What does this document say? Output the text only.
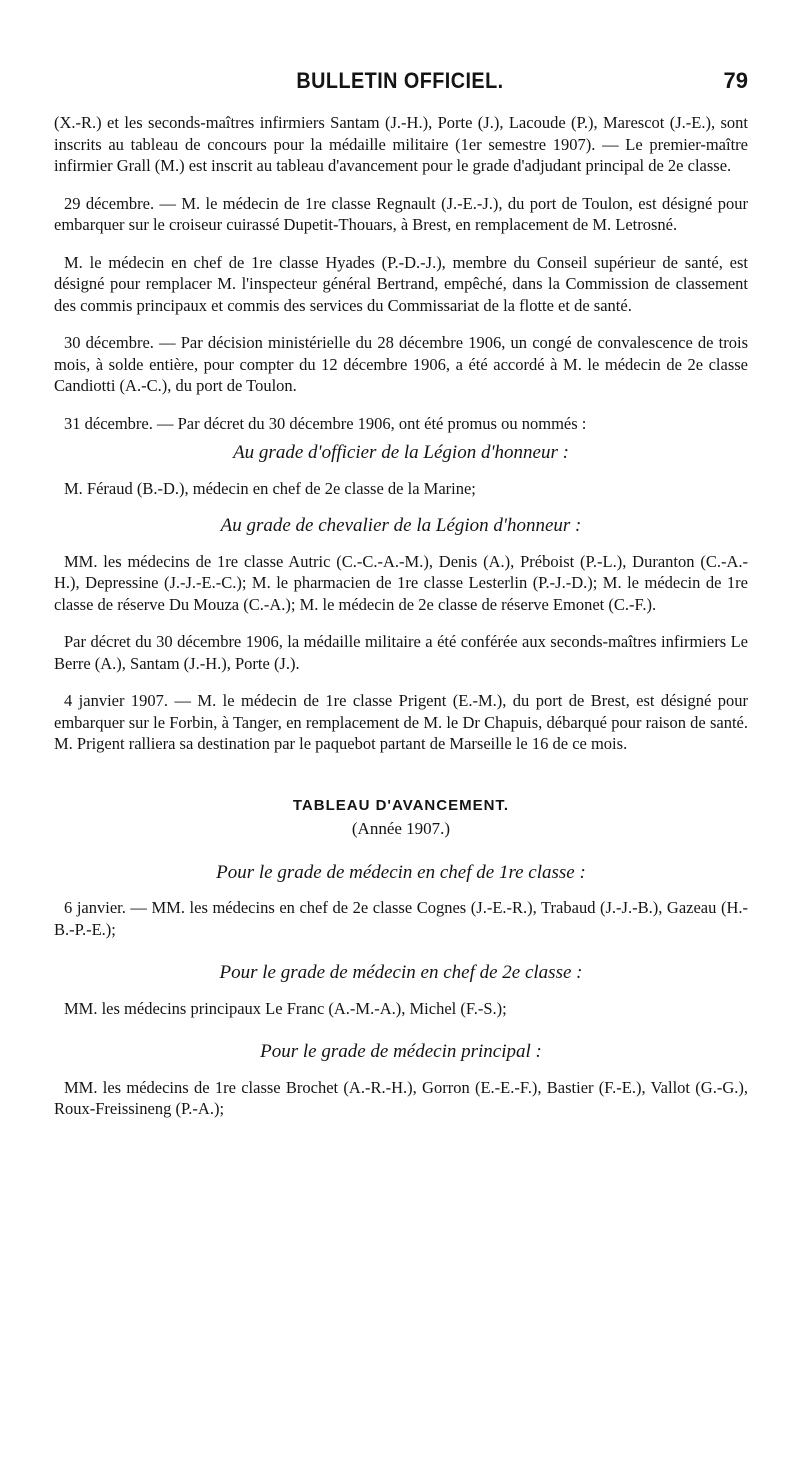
BULLETIN OFFICIEL.	79

(X.-R.) et les seconds-maîtres infirmiers Santam (J.-H.), Porte (J.), Lacoude (P.), Marescot (J.-E.), sont inscrits au tableau de concours pour la médaille militaire (1er semestre 1907). — Le premier-maître infirmier Grall (M.) est inscrit au tableau d'avancement pour le grade d'adjudant principal de 2e classe.

29 décembre. — M. le médecin de 1re classe Regnault (J.-E.-J.), du port de Toulon, est désigné pour embarquer sur le croiseur cuirassé Dupetit-Thouars, à Brest, en remplacement de M. Letrosné.

M. le médecin en chef de 1re classe Hyades (P.-D.-J.), membre du Conseil supérieur de santé, est désigné pour remplacer M. l'inspecteur général Bertrand, empêché, dans la Commission de classement des commis principaux et commis des services du Commissariat de la flotte et de santé.

30 décembre. — Par décision ministérielle du 28 décembre 1906, un congé de convalescence de trois mois, à solde entière, pour compter du 12 décembre 1906, a été accordé à M. le médecin de 2e classe Candiotti (A.-C.), du port de Toulon.

31 décembre. — Par décret du 30 décembre 1906, ont été promus ou nommés :

Au grade d'officier de la Légion d'honneur :

M. Féraud (B.-D.), médecin en chef de 2e classe de la Marine;

Au grade de chevalier de la Légion d'honneur :

MM. les médecins de 1re classe Autric (C.-C.-A.-M.), Denis (A.), Préboist (P.-L.), Duranton (C.-A.-H.), Depressine (J.-J.-E.-C.); M. le pharmacien de 1re classe Lesterlin (P.-J.-D.); M. le médecin de 1re classe de réserve Du Mouza (C.-A.); M. le médecin de 2e classe de réserve Emonet (C.-F.).

Par décret du 30 décembre 1906, la médaille militaire a été conférée aux seconds-maîtres infirmiers Le Berre (A.), Santam (J.-H.), Porte (J.).

4 janvier 1907. — M. le médecin de 1re classe Prigent (E.-M.), du port de Brest, est désigné pour embarquer sur le Forbin, à Tanger, en remplacement de M. le Dr Chapuis, débarqué pour raison de santé. M. Prigent ralliera sa destination par le paquebot partant de Marseille le 16 de ce mois.

TABLEAU D'AVANCEMENT.

(Année 1907.)

Pour le grade de médecin en chef de 1re classe :

6 janvier. — MM. les médecins en chef de 2e classe Cognes (J.-E.-R.), Trabaud (J.-J.-B.), Gazeau (H.-B.-P.-E.);

Pour le grade de médecin en chef de 2e classe :

MM. les médecins principaux Le Franc (A.-M.-A.), Michel (F.-S.);

Pour le grade de médecin principal :

MM. les médecins de 1re classe Brochet (A.-R.-H.), Gorron (E.-E.-F.), Bastier (F.-E.), Vallot (G.-G.), Roux-Freissineng (P.-A.);
